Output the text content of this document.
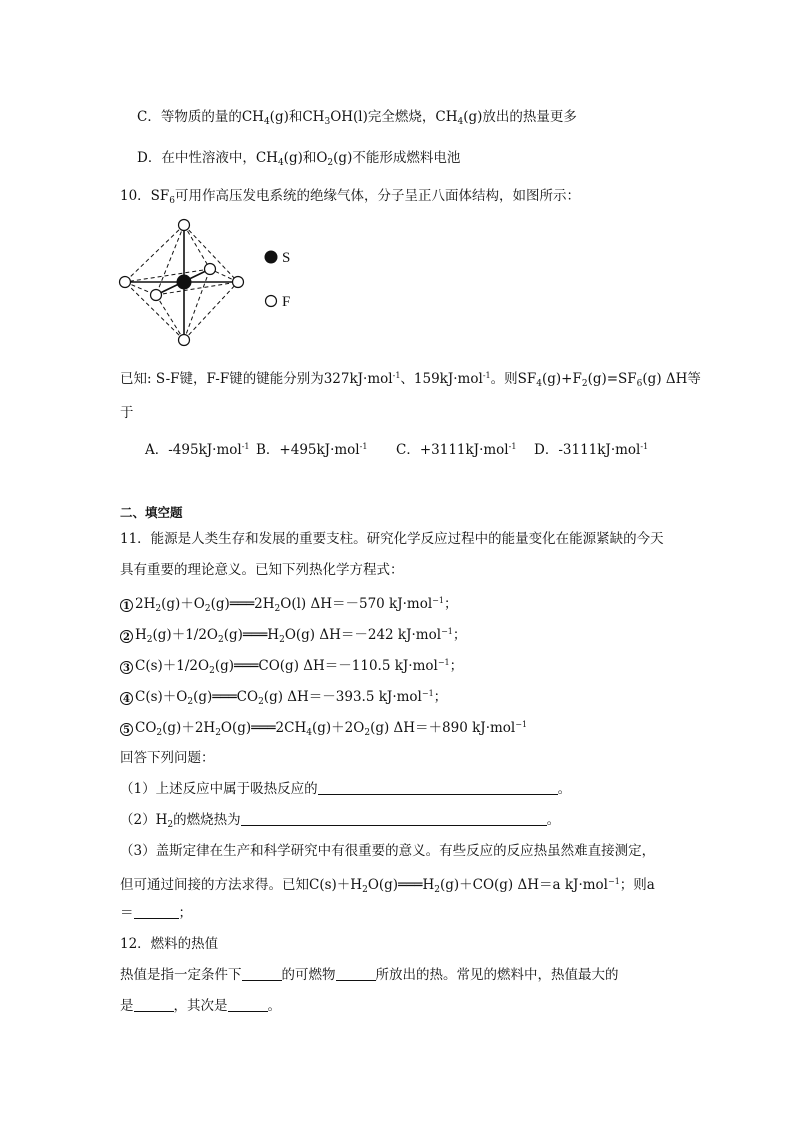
C．等物质的量的$CH_4(g)$和$CH_3OH(l)$完全燃烧，$CH_4(g)$放出的热量更多
D．在中性溶液中，$CH_4(g)$和$O_2(g)$不能形成燃料电池
10．$SF_6$可用作高压发电系统的绝缘气体，分子呈正八面体结构，如图所示：
S
F
已知: S-F键，F-F键的键能分别为327kJ·mol$^{-1}$、159kJ·mol$^{-1}$。则$SF_4(g)+F_2(g)=SF_6(g)$ ΔH等
于
A．-495kJ·mol$^{-1}$ B．+495kJ·mol$^{-1}$ C．+3111kJ·mol$^{-1}$ D．-3111kJ·mol$^{-1}$
二、填空题
11．能源是人类生存和发展的重要支柱。研究化学反应过程中的能量变化在能源紧缺的今天
具有重要的理论意义。已知下列热化学方程式：
1 $2H_2(g)+O_2(g)═══2H_2O(l)$ ΔH＝－570 kJ·mol$^{-1}$；
2 $H_2(g)+1/2O_2(g)═══H_2O(g)$ ΔH＝－242 kJ·mol$^{-1}$；
3 $C(s)+1/2O_2(g)═══CO(g)$ ΔH＝－110.5 kJ·mol$^{-1}$；
4 $C(s)+O_2(g)═══CO_2(g)$ ΔH＝－393.5 kJ·mol$^{-1}$；
5 $CO_2(g)+2H_2O(g)═══2CH_4(g)+2O_2(g)$ ΔH＝＋890 kJ·mol$^{-1}$
回答下列问题：
（1）上述反应中属于吸热反应的	。
$(2)H_2$的燃烧热为	。
（3）盖斯定律在生产和科学研究中有很重要的意义。有些反应的反应热虽然难直接测定，
但可通过间接的方法求得。已知$C(s)+H_2O(g)═══H_2(g)+CO(g)$ ΔH＝a kJ·mol$^{-1}$；则a
＝	；
12．燃料的热值
热值是指一定条件下	的可燃物	所放出的热。常见的燃料中，热值最大的
是	，其次是	。
